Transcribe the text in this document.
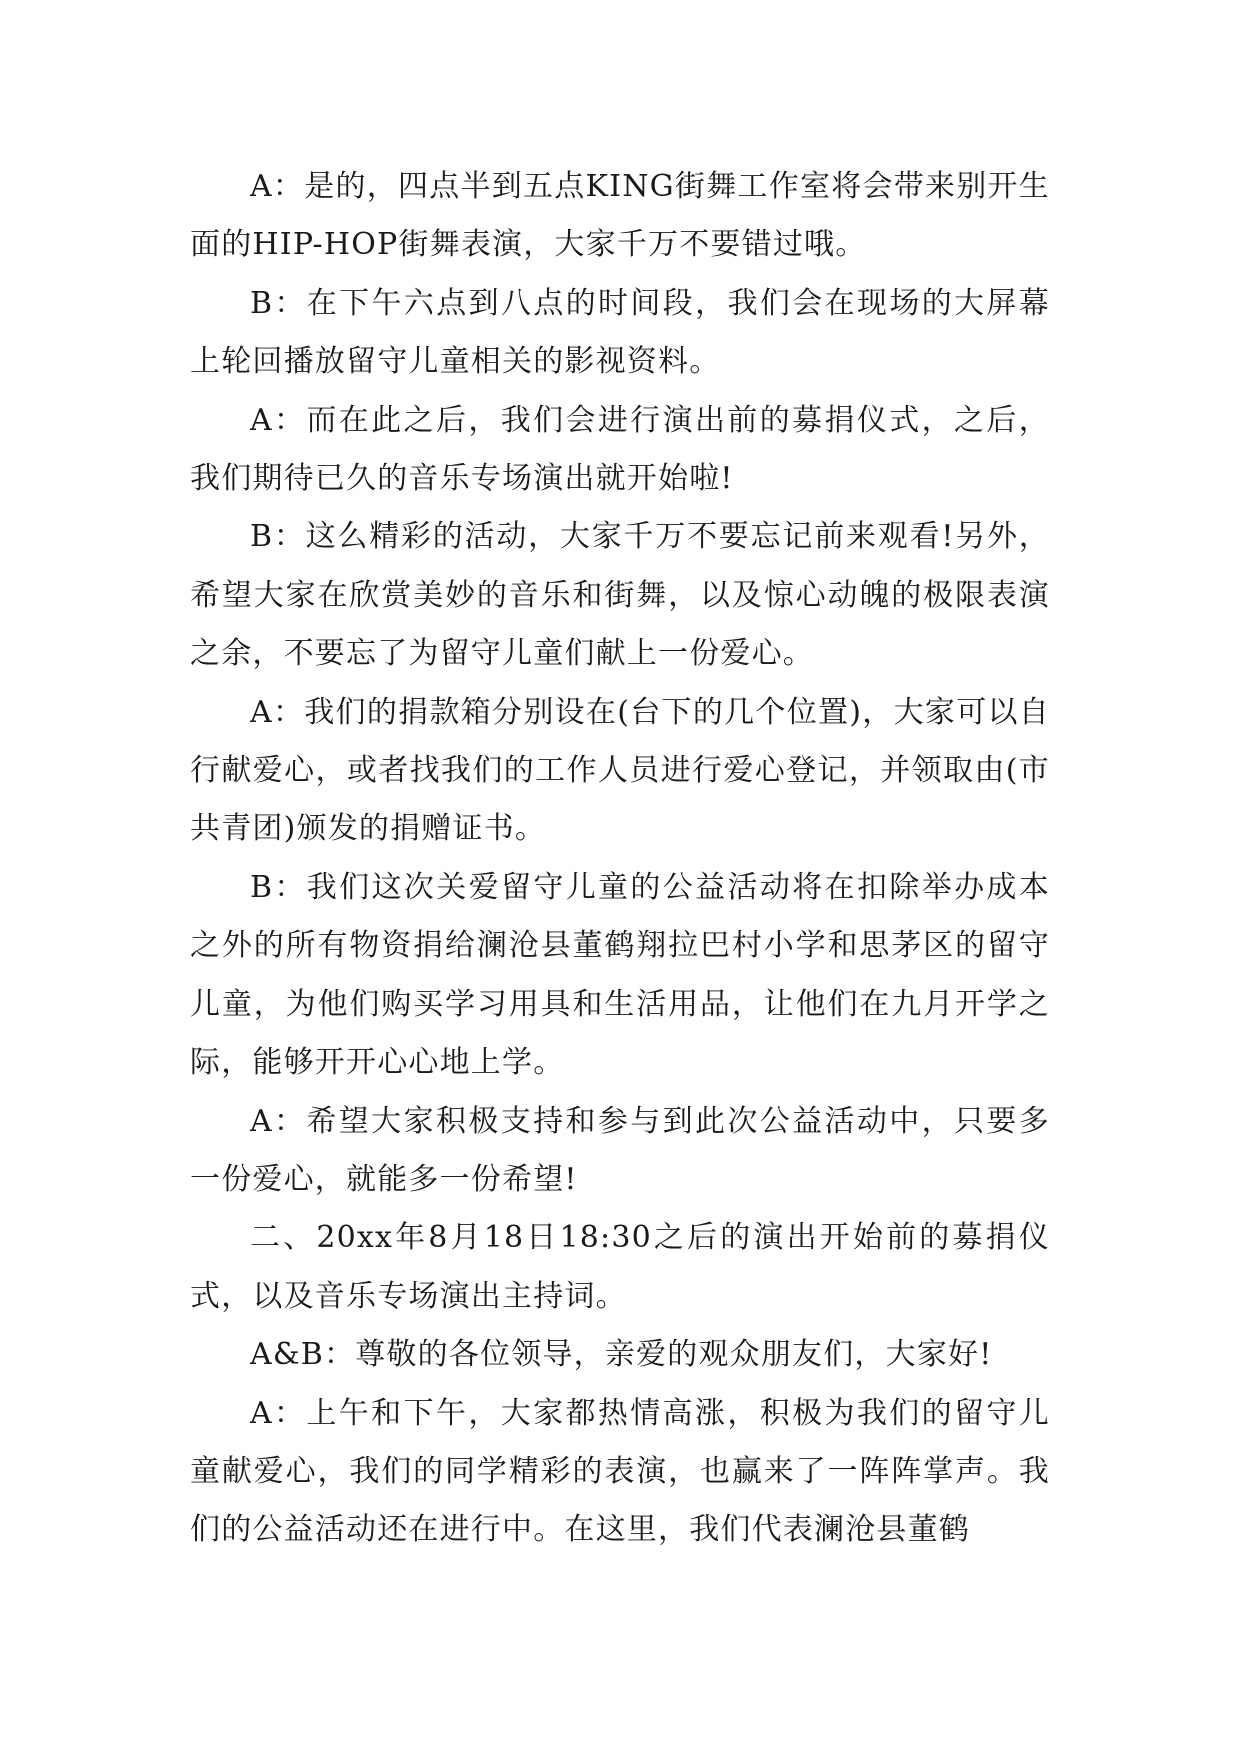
A：是的，四点半到五点KING街舞工作室将会带来别开生面的HIP-HOP街舞表演，大家千万不要错过哦。

B：在下午六点到八点的时间段，我们会在现场的大屏幕上轮回播放留守儿童相关的影视资料。

A：而在此之后，我们会进行演出前的募捐仪式，之后，我们期待已久的音乐专场演出就开始啦!

B：这么精彩的活动，大家千万不要忘记前来观看!另外，希望大家在欣赏美妙的音乐和街舞，以及惊心动魄的极限表演之余，不要忘了为留守儿童们献上一份爱心。

A：我们的捐款箱分别设在(台下的几个位置)，大家可以自行献爱心，或者找我们的工作人员进行爱心登记，并领取由(市共青团)颁发的捐赠证书。

B：我们这次关爱留守儿童的公益活动将在扣除举办成本之外的所有物资捐给澜沧县董鹤翔拉巴村小学和思茅区的留守儿童，为他们购买学习用具和生活用品，让他们在九月开学之际，能够开开心心地上学。

A：希望大家积极支持和参与到此次公益活动中，只要多一份爱心，就能多一份希望!

二、20xx年8月18日18:30之后的演出开始前的募捐仪式，以及音乐专场演出主持词。

A&B：尊敬的各位领导，亲爱的观众朋友们，大家好!

A：上午和下午，大家都热情高涨，积极为我们的留守儿童献爱心，我们的同学精彩的表演，也赢来了一阵阵掌声。我们的公益活动还在进行中。在这里，我们代表澜沧县董鹤
